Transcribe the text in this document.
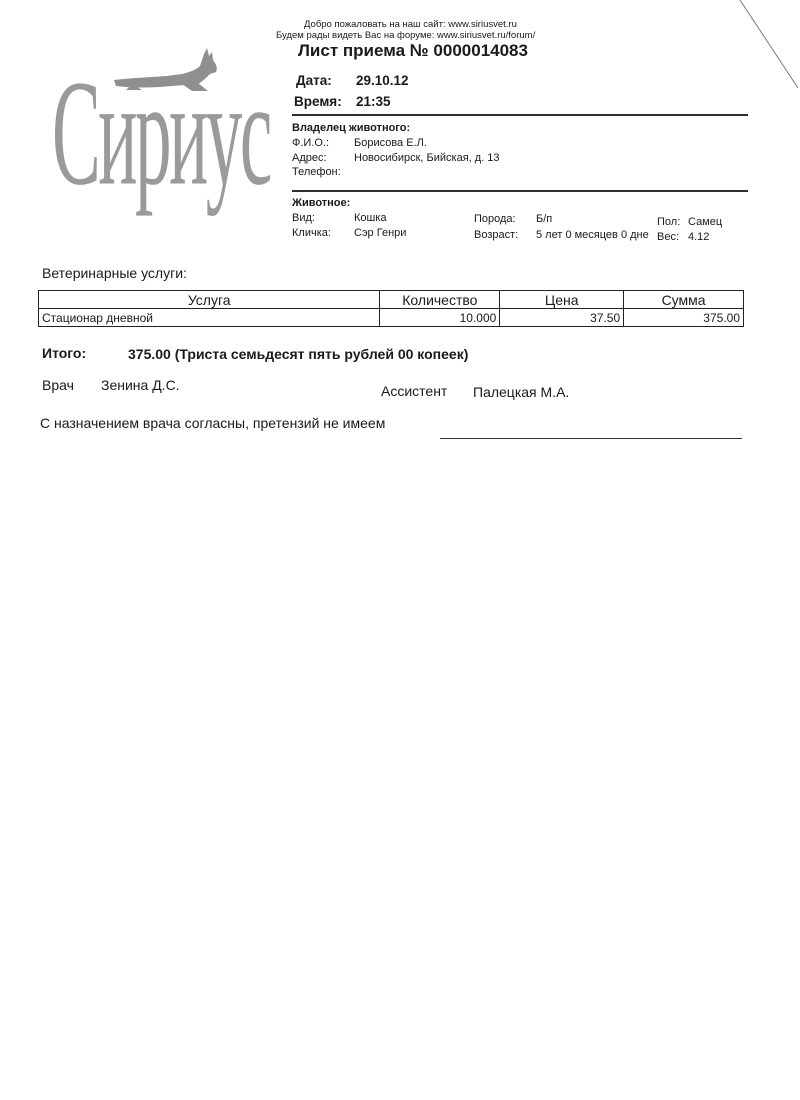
Сириус
Добро пожаловать на наш сайт: www.siriusvet.ru
Будем рады видеть Вас на форуме: www.siriusvet.ru/forum/
Лист приема № 0000014083
Дата: 29.10.12
Время: 21:35
Владелец животного:
Ф.И.О.: Борисова Е.Л.
Адрес: Новосибирск, Бийская, д. 13
Телефон:
Животное:
Вид:	Кошка
Кличка: Сэр Генри
Порода: Б/п
Возраст: 5 лет 0 месяцев 0 дне
Пол: Самец
Вес: 4.12
Ветеринарные услуги:
Услуга	Количество	Цена	Сумма
Стационар дневной	10.000	37.50	375.00
Итого:	375.00 (Триста семьдесят пять рублей 00 копеек)
Врач Зенина Д.С.	Ассистент Палецкая М.А.
С назначением врача согласны, претензий не имеем
